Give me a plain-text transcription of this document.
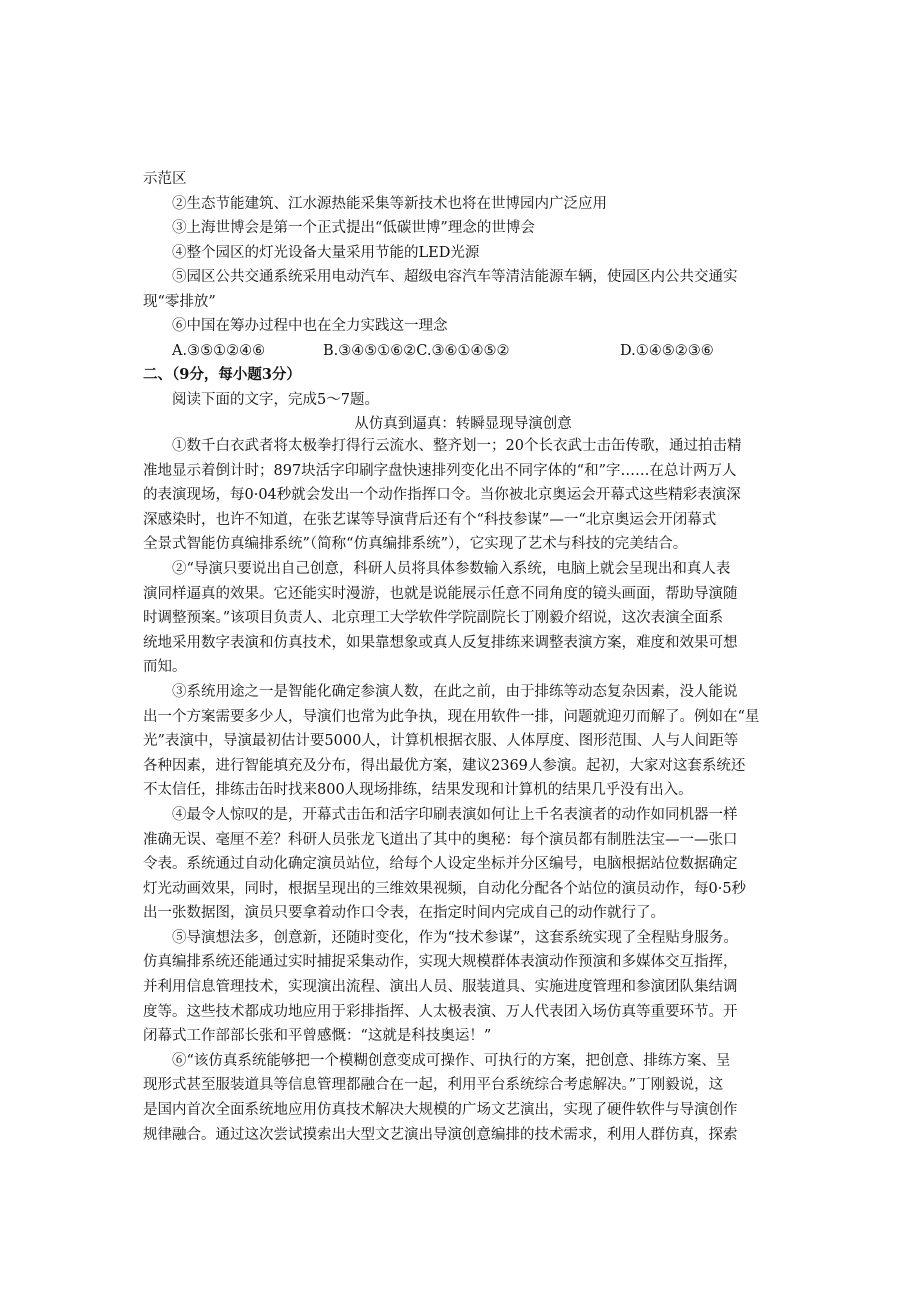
示范区
②生态节能建筑、江水源热能采集等新技术也将在世博园内广泛应用
③上海世博会是第一个正式提出“低碳世博”理念的世博会
④整个园区的灯光设备大量采用节能的LED光源
⑤园区公共交通系统采用电动汽车、超级电容汽车等清洁能源车辆，使园区内公共交通实
现“零排放”
⑥中国在筹办过程中也在全力实践这一理念
A.③⑤①②④⑥	B.③④⑤①⑥②C.③⑥①④⑤②	D.①④⑤②③⑥
二、（9分，每小题3分）
阅读下面的文字，完成5～7题。
从仿真到逼真：转瞬显现导演创意
①数千白衣武者将太极拳打得行云流水、整齐划一；20个长衣武士击缶传歌，通过拍击精
准地显示着倒计时；897块活字印刷字盘快速排列变化出不同字体的“和”字……在总计两万人
的表演现场，每0·04秒就会发出一个动作指挥口令。当你被北京奥运会开幕式这些精彩表演深
深感染时，也许不知道，在张艺谋等导演背后还有个“科技参谋”—一“北京奥运会开闭幕式
全景式智能仿真编排系统”（简称“仿真编排系统”），它实现了艺术与科技的完美结合。
②“导演只要说出自己创意，科研人员将具体参数输入系统，电脑上就会呈现出和真人表
演同样逼真的效果。它还能实时漫游，也就是说能展示任意不同角度的镜头画面，帮助导演随
时调整预案。”该项目负责人、北京理工大学软件学院副院长丁刚毅介绍说，这次表演全面系
统地采用数字表演和仿真技术，如果靠想象或真人反复排练来调整表演方案，难度和效果可想
而知。
③系统用途之一是智能化确定参演人数，在此之前，由于排练等动态复杂因素，没人能说
出一个方案需要多少人，导演们也常为此争执，现在用软件一排，问题就迎刃而解了。例如在“星
光”表演中，导演最初估计要5000人，计算机根据衣服、人体厚度、图形范围、人与人间距等
各种因素，进行智能填充及分布，得出最优方案，建议2369人参演。起初，大家对这套系统还
不太信任，排练击缶时找来800人现场排练，结果发现和计算机的结果几乎没有出入。
④最令人惊叹的是，开幕式击缶和活字印刷表演如何让上千名表演者的动作如同机器一样
准确无误、毫厘不差？科研人员张龙飞道出了其中的奥秘：每个演员都有制胜法宝—一—张口
令表。系统通过自动化确定演员站位，给每个人设定坐标并分区编号，电脑根据站位数据确定
灯光动画效果，同时，根据呈现出的三维效果视频，自动化分配各个站位的演员动作，每0·5秒
出一张数据图，演员只要拿着动作口令表，在指定时间内完成自己的动作就行了。
⑤导演想法多，创意新，还随时变化，作为“技术参谋”，这套系统实现了全程贴身服务。
仿真编排系统还能通过实时捕捉采集动作，实现大规模群体表演动作预演和多媒体交互指挥，
并利用信息管理技术，实现演出流程、演出人员、服装道具、实施进度管理和参演团队集结调
度等。这些技术都成功地应用于彩排指挥、人太极表演、万人代表团入场仿真等重要环节。开
闭幕式工作部部长张和平曾感慨：“这就是科技奥运！”
⑥“该仿真系统能够把一个模糊创意变成可操作、可执行的方案，把创意、排练方案、呈
现形式甚至服装道具等信息管理都融合在一起，利用平台系统综合考虑解决。”丁刚毅说，这
是国内首次全面系统地应用仿真技术解决大规模的广场文艺演出，实现了硬件软件与导演创作
规律融合。通过这次尝试摸索出大型文艺演出导演创意编排的技术需求，利用人群仿真，探索
